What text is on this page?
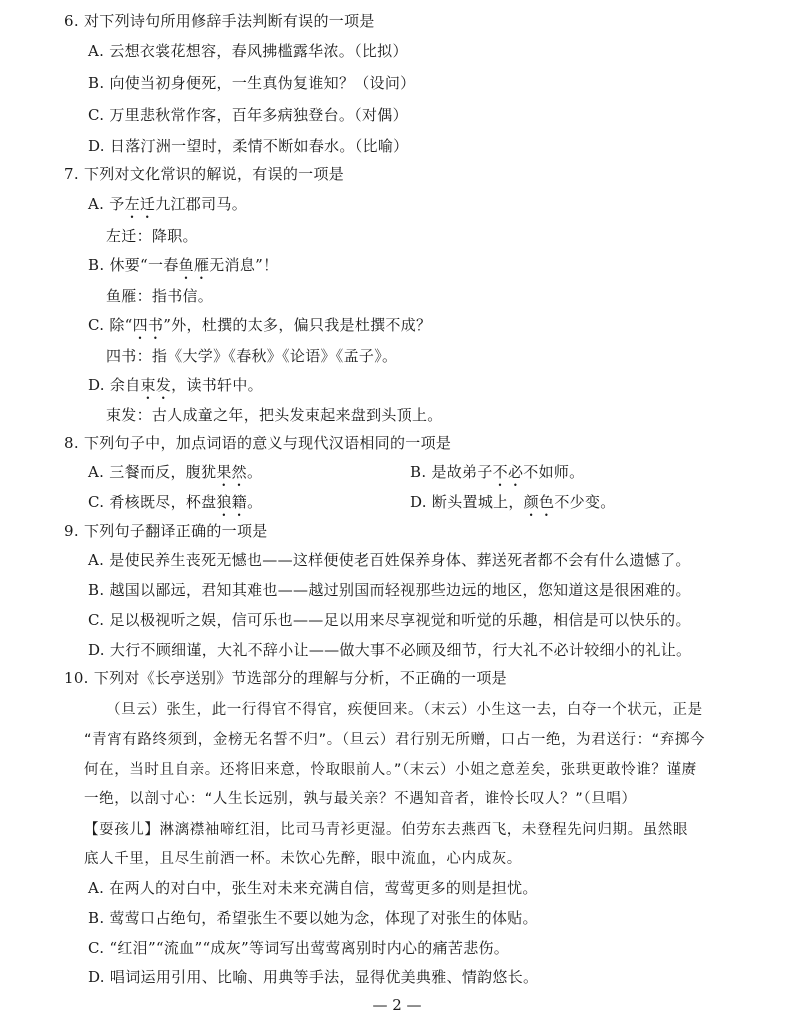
6. 对下列诗句所用修辞手法判断有误的一项是
A. 云想衣裳花想容，春风拂槛露华浓。（比拟）
B. 向使当初身便死，一生真伪复谁知？（设问）
C. 万里悲秋常作客，百年多病独登台。（对偶）
D. 日落汀洲一望时，柔情不断如春水。（比喻）
7. 下列对文化常识的解说，有误的一项是
A. 予左迁九江郡司马。
左迁：降职。
B. 休要“一春鱼雁无消息”！
鱼雁：指书信。
C. 除“四书”外，杜撰的太多，偏只我是杜撰不成？
四书：指《大学》《春秋》《论语》《孟子》。
D. 余自束发，读书轩中。
束发：古人成童之年，把头发束起来盘到头顶上。
8. 下列句子中，加点词语的意义与现代汉语相同的一项是
A. 三餐而反，腹犹果然。	B. 是故弟子不必不如师。
C. 肴核既尽，杯盘狼籍。	D. 断头置城上，颜色不少变。
9. 下列句子翻译正确的一项是
A. 是使民养生丧死无憾也——这样便使老百姓保养身体、葬送死者都不会有什么遗憾了。
B. 越国以鄙远，君知其难也——越过别国而轻视那些边远的地区，您知道这是很困难的。
C. 足以极视听之娱，信可乐也——足以用来尽享视觉和听觉的乐趣，相信是可以快乐的。
D. 大行不顾细谨，大礼不辞小让——做大事不必顾及细节，行大礼不必计较细小的礼让。
10. 下列对《长亭送别》节选部分的理解与分析，不正确的一项是
（旦云）张生，此一行得官不得官，疾便回来。（末云）小生这一去，白夺一个状元，正是
“青宵有路终须到，金榜无名誓不归”。（旦云）君行别无所赠，口占一绝，为君送行：“弃掷今
何在，当时且自亲。还将旧来意，怜取眼前人。”（末云）小姐之意差矣，张珙更敢怜谁？谨赓
一绝，以剖寸心：“人生长远别，孰与最关亲？不遇知音者，谁怜长叹人？”（旦唱）
【耍孩儿】淋漓襟袖啼红泪，比司马青衫更湿。伯劳东去燕西飞，未登程先问归期。虽然眼
底人千里，且尽生前酒一杯。未饮心先醉，眼中流血，心内成灰。
A. 在两人的对白中，张生对未来充满自信，莺莺更多的则是担忧。
B. 莺莺口占绝句，希望张生不要以她为念，体现了对张生的体贴。
C. “红泪”“流血”“成灰”等词写出莺莺离别时内心的痛苦悲伤。
D. 唱词运用引用、比喻、用典等手法，显得优美典雅、情韵悠长。
— 2 —
